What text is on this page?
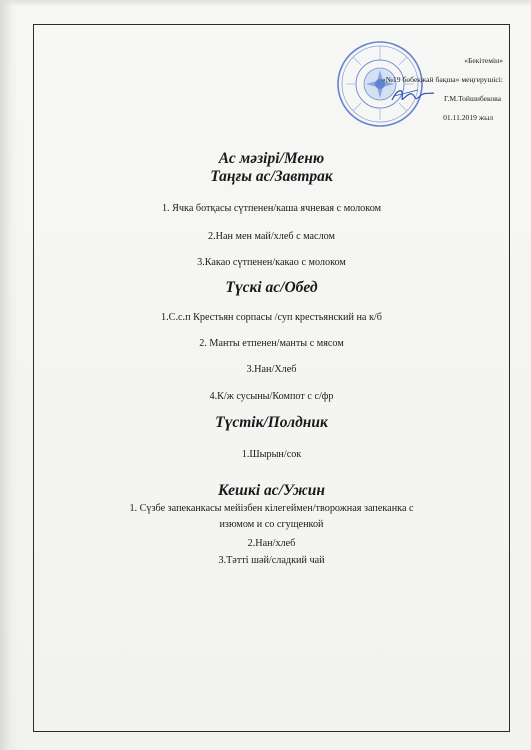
«Бекітемін»
«№19 бөбекжай бақша» меңгерушісі:
Г.М.Тойшибекова
01.11.2019 жыл
Ас мәзірі/Меню
Таңғы ас/Завтрак
1. Ячка ботқасы сүтпенен/каша ячневая с молоком
2.Нан мен май/хлеб с маслом
3.Какао сүтпенен/какао с молоком
Түскі ас/Обед
1.С.с.п Крестьян сорпасы /суп крестьянский на к/б
2. Манты етпенен/манты с мясом
3.Нан/Хлеб
4.К/ж сусыны/Компот с с/фр
Түстік/Полдник
1.Шырын/сок
Кешкі ас/Ужин
1. Сүзбе запеканкасы мейізбен кілегеймен/творожная запеканка с
изюмом и со сгущенкой
2.Нан/хлеб
3.Тәтті шәй/сладкий чай
